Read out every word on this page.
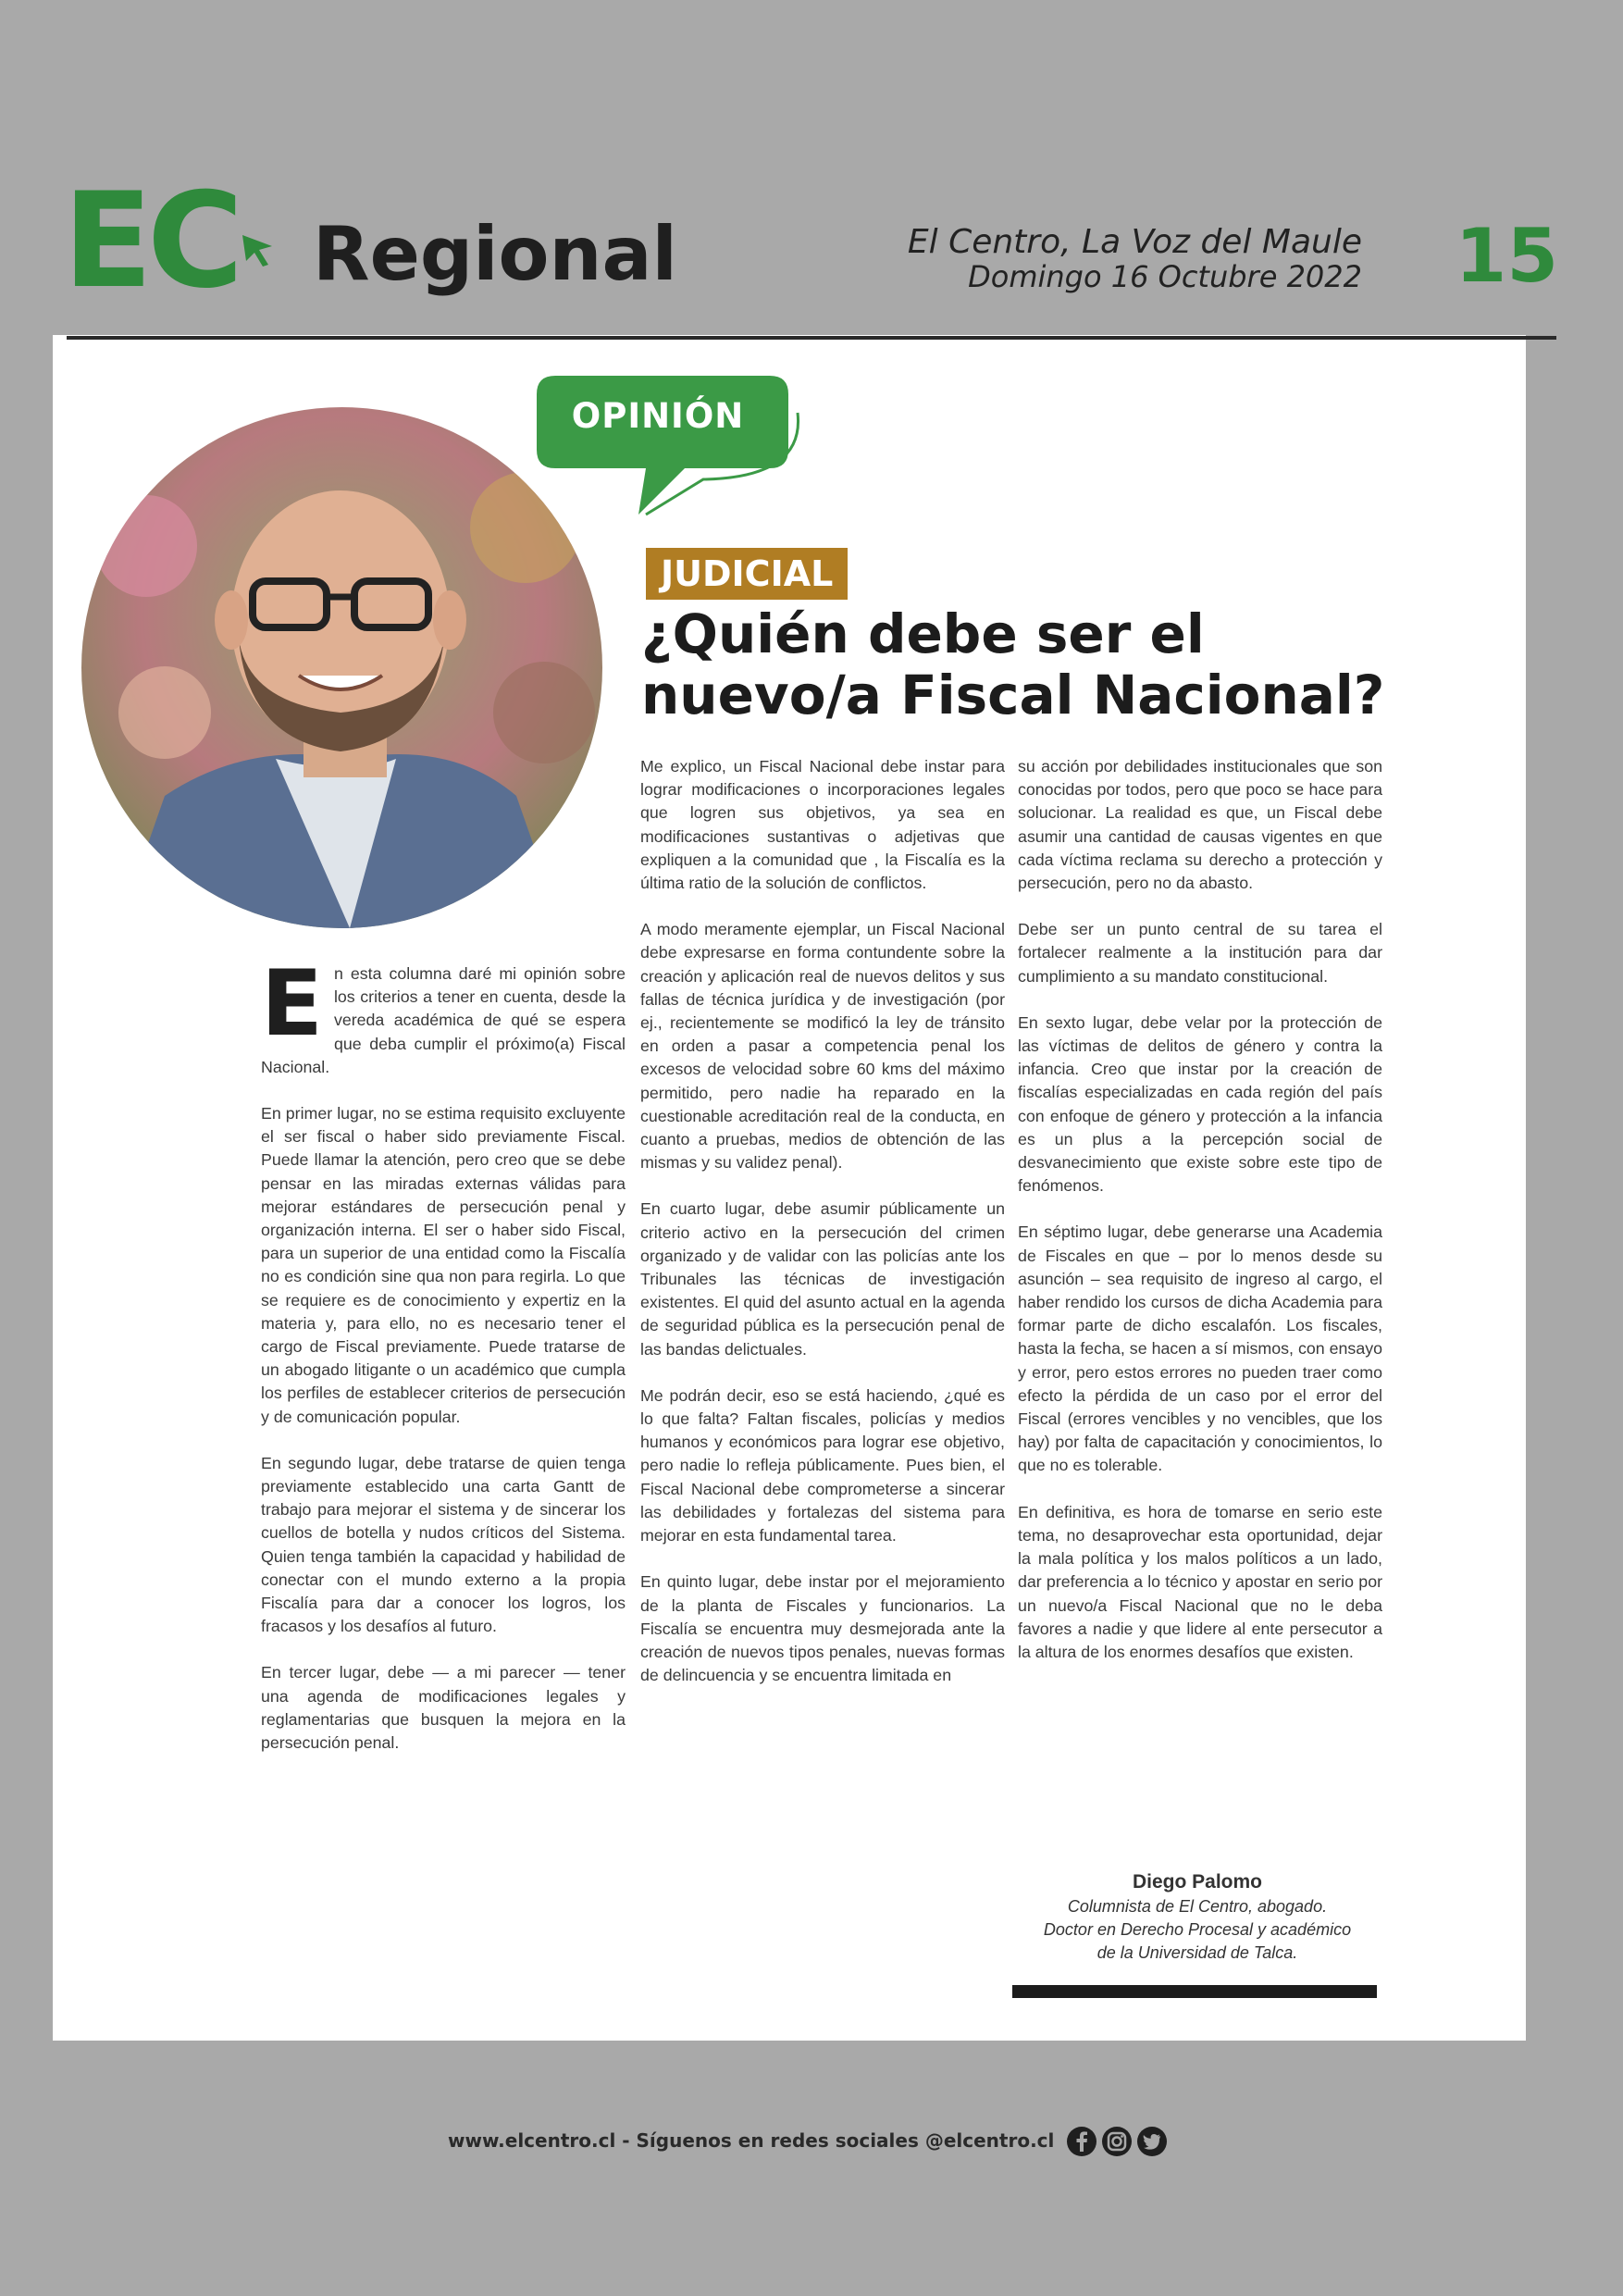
EC Regional	El Centro, La Voz del Maule
Domingo 16 Octubre 2022 15
OPINIÓN
JUDICIAL
¿Quién debe ser el nuevo/a Fiscal Nacional?

En esta columna daré mi opinión sobre los criterios a tener en cuenta, desde la vereda académica de qué se espera que deba cumplir el próximo(a) Fiscal Nacional.

En primer lugar, no se estima requisito excluyente el ser fiscal o haber sido previamente Fiscal. Puede llamar la atención, pero creo que se debe pensar en las miradas externas válidas para mejorar estándares de persecución penal y organización interna. El ser o haber sido Fiscal, para un superior de una entidad como la Fiscalía no es condición sine qua non para regirla. Lo que se requiere es de conocimiento y expertiz en la materia y, para ello, no es necesario tener el cargo de Fiscal previamente. Puede tratarse de un abogado litigante o un académico que cumpla los perfiles de establecer criterios de persecución y de comunicación popular.

En segundo lugar, debe tratarse de quien tenga previamente establecido una carta Gantt de trabajo para mejorar el sistema y de sincerar los cuellos de botella y nudos críticos del Sistema. Quien tenga también la capacidad y habilidad de conectar con el mundo externo a la propia Fiscalía para dar a conocer los logros, los fracasos y los desafíos al futuro.

En tercer lugar, debe — a mi parecer — tener una agenda de modificaciones legales y reglamentarias que busquen la mejora en la persecución penal.

Me explico, un Fiscal Nacional debe instar para lograr modificaciones o incorporaciones legales que logren sus objetivos, ya sea en modificaciones sustantivas o adjetivas que expliquen a la comunidad que , la Fiscalía es la última ratio de la solución de conflictos.

A modo meramente ejemplar, un Fiscal Nacional debe expresarse en forma contundente sobre la creación y aplicación real de nuevos delitos y sus fallas de técnica jurídica y de investigación (por ej., recientemente se modificó la ley de tránsito en orden a pasar a competencia penal los excesos de velocidad sobre 60 kms del máximo permitido, pero nadie ha reparado en la cuestionable acreditación real de la conducta, en cuanto a pruebas, medios de obtención de las mismas y su validez penal).

En cuarto lugar, debe asumir públicamente un criterio activo en la persecución del crimen organizado y de validar con las policías ante los Tribunales las técnicas de investigación existentes. El quid del asunto actual en la agenda de seguridad pública es la persecución penal de las bandas delictuales.

Me podrán decir, eso se está haciendo, ¿qué es lo que falta? Faltan fiscales, policías y medios humanos y económicos para lograr ese objetivo, pero nadie lo refleja públicamente. Pues bien, el Fiscal Nacional debe comprometerse a sincerar las debilidades y fortalezas del sistema para mejorar en esta fundamental tarea.

En quinto lugar, debe instar por el mejoramiento de la planta de Fiscales y funcionarios. La Fiscalía se encuentra muy desmejorada ante la creación de nuevos tipos penales, nuevas formas de delincuencia y se encuentra limitada en

su acción por debilidades institucionales que son conocidas por todos, pero que poco se hace para solucionar. La realidad es que, un Fiscal debe asumir una cantidad de causas vigentes en que cada víctima reclama su derecho a protección y persecución, pero no da abasto.

Debe ser un punto central de su tarea el fortalecer realmente a la institución para dar cumplimiento a su mandato constitucional.

En sexto lugar, debe velar por la protección de las víctimas de delitos de género y contra la infancia. Creo que instar por la creación de fiscalías especializadas en cada región del país con enfoque de género y protección a la infancia es un plus a la percepción social de desvanecimiento que existe sobre este tipo de fenómenos.

En séptimo lugar, debe generarse una Academia de Fiscales en que – por lo menos desde su asunción – sea requisito de ingreso al cargo, el haber rendido los cursos de dicha Academia para formar parte de dicho escalafón. Los fiscales, hasta la fecha, se hacen a sí mismos, con ensayo y error, pero estos errores no pueden traer como efecto la pérdida de un caso por el error del Fiscal (errores vencibles y no vencibles, que los hay) por falta de capacitación y conocimientos, lo que no es tolerable.

En definitiva, es hora de tomarse en serio este tema, no desaprovechar esta oportunidad, dejar la mala política y los malos políticos a un lado, dar preferencia a lo técnico y apostar en serio por un nuevo/a Fiscal Nacional que no le deba favores a nadie y que lidere al ente persecutor a la altura de los enormes desafíos que existen.

Diego Palomo
Columnista de El Centro, abogado.
Doctor en Derecho Procesal y académico
de la Universidad de Talca.
www.elcentro.cl - Síguenos en redes sociales @elcentro.cl
